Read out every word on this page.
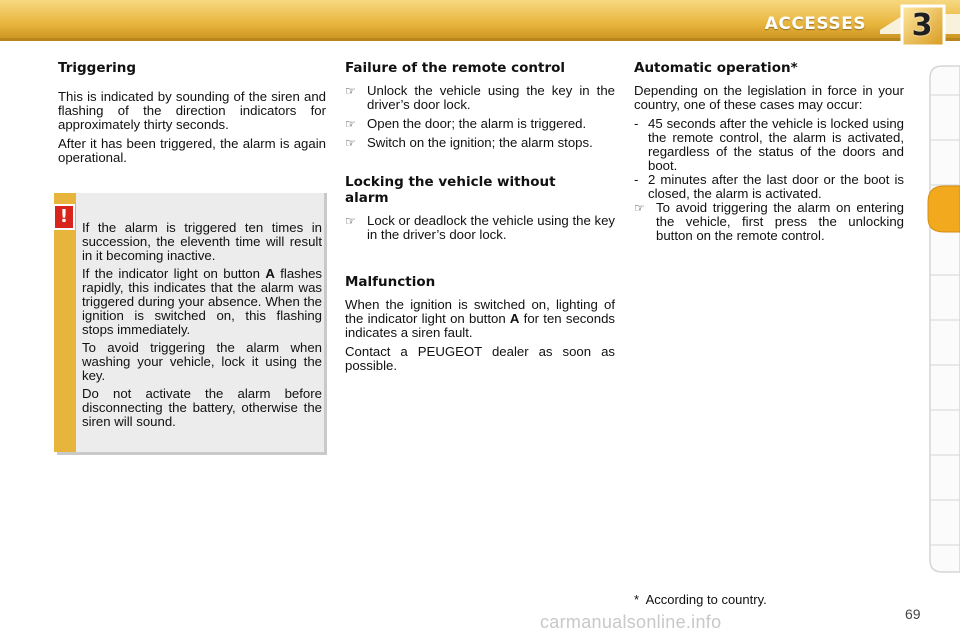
ACCESSES 3
Triggering

This is indicated by sounding of the siren and flashing of the direction indicators for approximately thirty seconds.

After it has been triggered, the alarm is again operational.

!

If the alarm is triggered ten times in succession, the eleventh time will result in it becoming inactive.

If the indicator light on button A flashes rapidly, this indicates that the alarm was triggered during your absence. When the ignition is switched on, this flashing stops immediately.

To avoid triggering the alarm when washing your vehicle, lock it using the key.

Do not activate the alarm before disconnecting the battery, otherwise the siren will sound.

Failure of the remote control

☞ Unlock the vehicle using the key in the driver’s door lock.

☞ Open the door; the alarm is triggered.

☞ Switch on the ignition; the alarm stops.

Locking the vehicle without alarm

☞ Lock or deadlock the vehicle using the key in the driver’s door lock.

Malfunction

When the ignition is switched on, lighting of the indicator light on button A for ten seconds indicates a siren fault.

Contact a PEUGEOT dealer as soon as possible.

Automatic operation*

Depending on the legislation in force in your country, one of these cases may occur:

- 45 seconds after the vehicle is locked using the remote control, the alarm is activated, regardless of the status of the doors and boot.

- 2 minutes after the last door or the boot is closed, the alarm is activated.

☞ To avoid triggering the alarm on entering the vehicle, first press the unlocking button on the remote control.

*  According to country.
carmanualsonline.info	69
